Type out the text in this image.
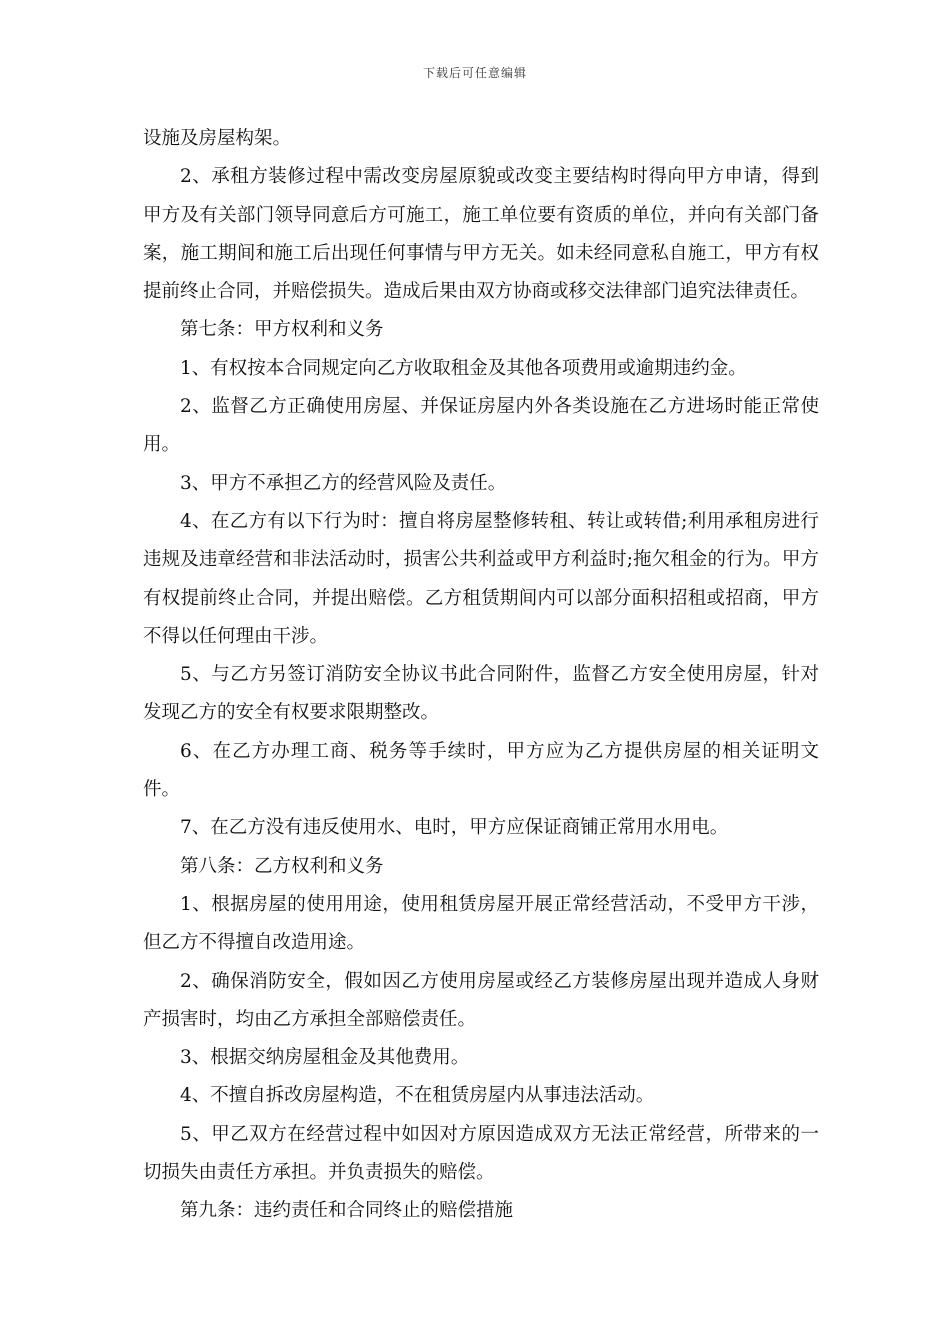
下载后可任意编辑

设施及房屋构架。

2、承租方装修过程中需改变房屋原貌或改变主要结构时得向甲方申请，得到甲方及有关部门领导同意后方可施工，施工单位要有资质的单位，并向有关部门备案，施工期间和施工后出现任何事情与甲方无关。如未经同意私自施工，甲方有权提前终止合同，并赔偿损失。造成后果由双方协商或移交法律部门追究法律责任。

第七条：甲方权利和义务

1、有权按本合同规定向乙方收取租金及其他各项费用或逾期违约金。

2、监督乙方正确使用房屋、并保证房屋内外各类设施在乙方进场时能正常使用。

3、甲方不承担乙方的经营风险及责任。

4、在乙方有以下行为时：擅自将房屋整修转租、转让或转借;利用承租房进行违规及违章经营和非法活动时，损害公共利益或甲方利益时;拖欠租金的行为。甲方有权提前终止合同，并提出赔偿。乙方租赁期间内可以部分面积招租或招商，甲方不得以任何理由干涉。

5、与乙方另签订消防安全协议书此合同附件，监督乙方安全使用房屋，针对发现乙方的安全有权要求限期整改。

6、在乙方办理工商、税务等手续时，甲方应为乙方提供房屋的相关证明文件。

7、在乙方没有违反使用水、电时，甲方应保证商铺正常用水用电。

第八条：乙方权利和义务

1、根据房屋的使用用途，使用租赁房屋开展正常经营活动，不受甲方干涉，但乙方不得擅自改造用途。

2、确保消防安全，假如因乙方使用房屋或经乙方装修房屋出现并造成人身财产损害时，均由乙方承担全部赔偿责任。

3、根据交纳房屋租金及其他费用。

4、不擅自拆改房屋构造，不在租赁房屋内从事违法活动。

5、甲乙双方在经营过程中如因对方原因造成双方无法正常经营，所带来的一切损失由责任方承担。并负责损失的赔偿。

第九条：违约责任和合同终止的赔偿措施
